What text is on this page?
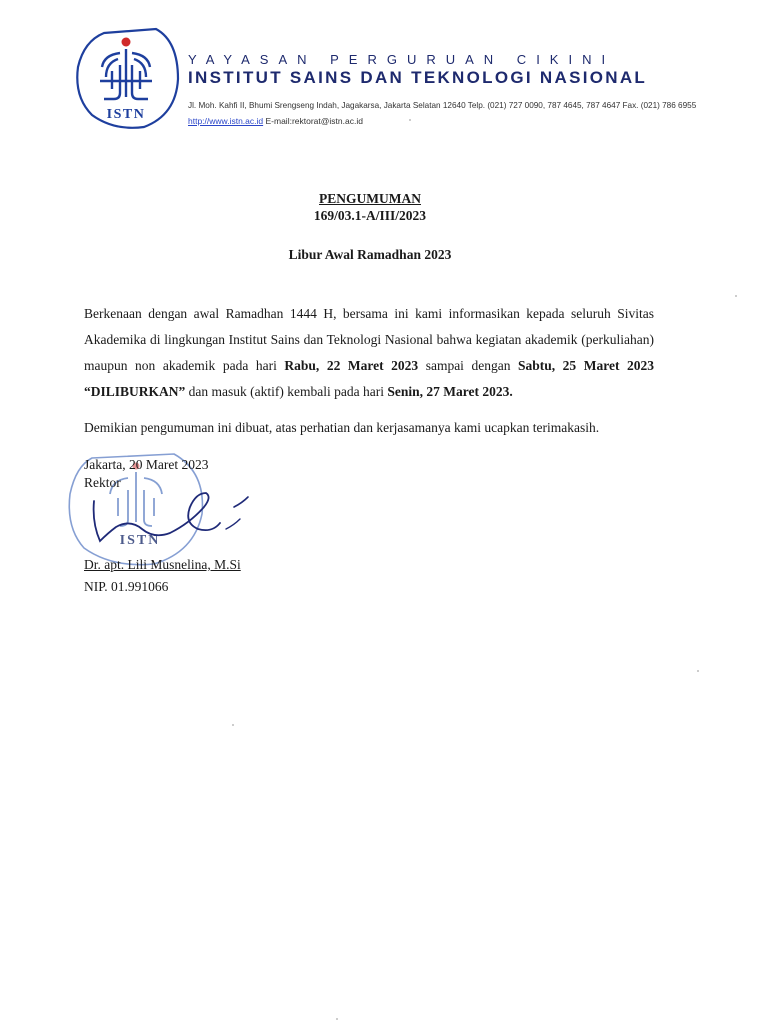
ISTN
YAYASAN PERGURUAN CIKINI
INSTITUT SAINS DAN TEKNOLOGI NASIONAL
Jl. Moh. Kahfi II, Bhumi Srengseng Indah, Jagakarsa, Jakarta Selatan 12640 Telp. (021) 727 0090, 787 4645, 787 4647 Fax. (021) 786 6955
http://www.istn.ac.id E-mail:rektorat@istn.ac.id
PENGUMUMAN
169/03.1-A/III/2023
Libur Awal Ramadhan 2023
Berkenaan dengan awal Ramadhan 1444 H, bersama ini kami informasikan kepada seluruh Sivitas Akademika di lingkungan Institut Sains dan Teknologi Nasional bahwa kegiatan akademik (perkuliahan) maupun non akademik pada hari Rabu, 22 Maret 2023 sampai dengan Sabtu, 25 Maret 2023 “DILIBURKAN” dan masuk (aktif) kembali pada hari Senin, 27 Maret 2023.
Demikian pengumuman ini dibuat, atas perhatian dan kerjasamanya kami ucapkan terimakasih.
ISTN
Jakarta, 20 Maret 2023
Rektor
Dr. apt. Lili Musnelina, M.Si
NIP. 01.991066
